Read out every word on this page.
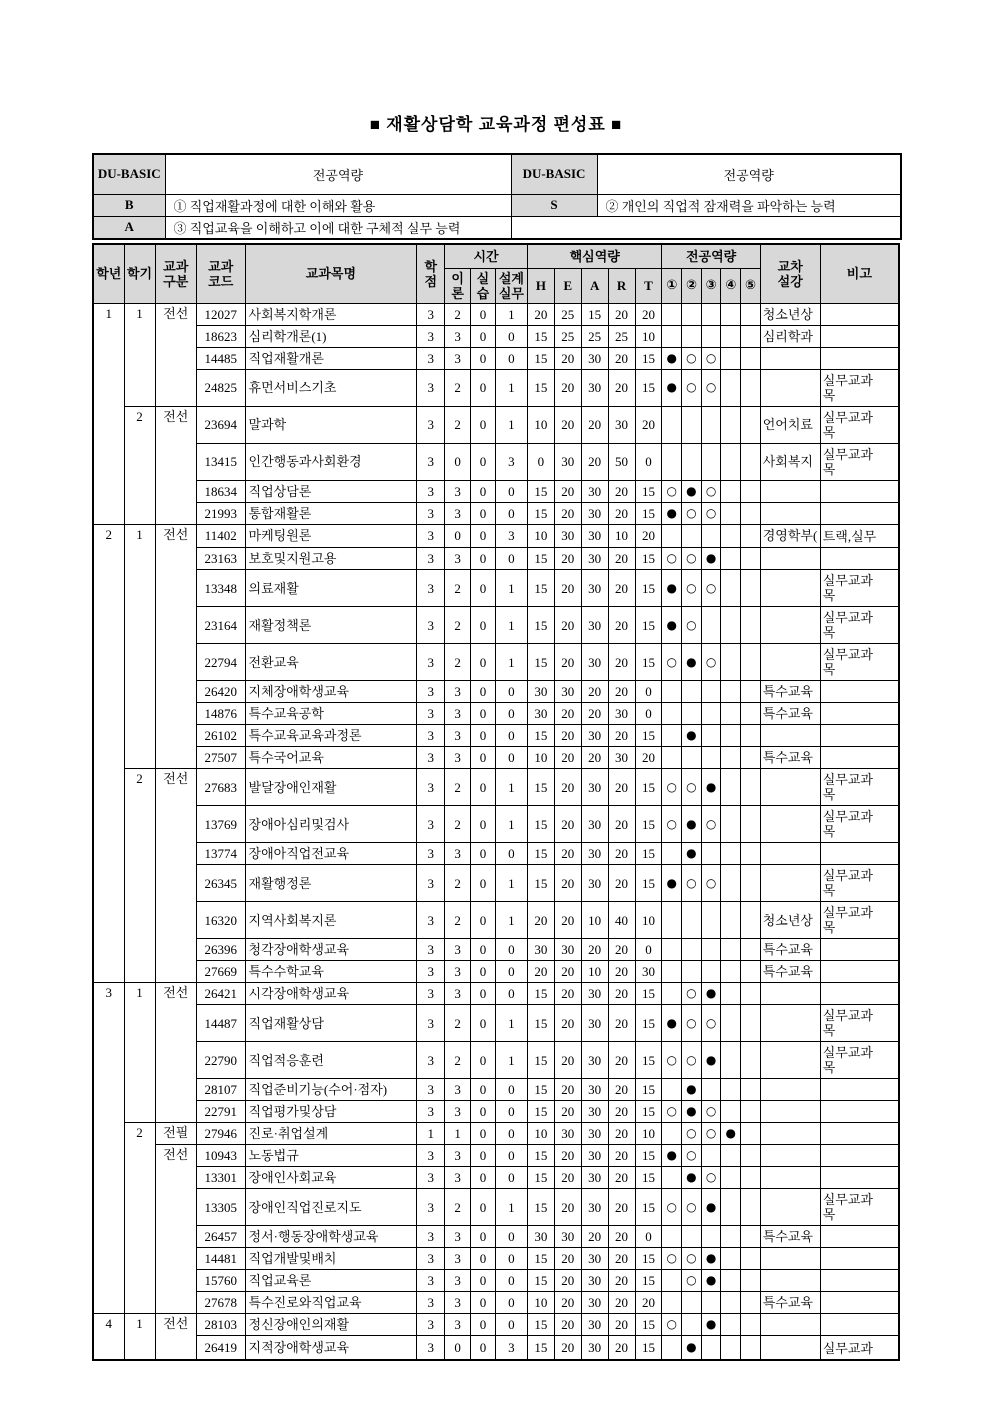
■ 재활상담학 교육과정 편성표 ■
DU-BASIC	전공역량	DU-BASIC	전공역량
B	① 직업재활과정에 대한 이해와 활용	S	② 개인의 직업적 잠재력을 파악하는 능력
A	③ 직업교육을 이해하고 이에 대한 구체적 실무 능력		
학년	학기	교과구분	교과코드	교과목명	학점	시간			핵심역량					전공역량					교차설강	비고
						이론	실습	설계실무	H	E	A	R	T	①	②	③	④	⑤		
1	1	전선	12027	사회복지학개론	3	2	0	1	20	25	15	20	20						청소년상	
			18623	심리학개론(1)	3	3	0	0	15	25	25	25	10						심리학과	
			14485	직업재활개론	3	3	0	0	15	20	30	20	15	●	○	○				
			24825	휴먼서비스기초	3	2	0	1	15	20	30	20	15	●	○	○				실무교과목
	2	전선	23694	말과학	3	2	0	1	10	20	20	30	20						언어치료	실무교과목
			13415	인간행동과사회환경	3	0	0	3	0	30	20	50	0						사회복지	실무교과목
			18634	직업상담론	3	3	0	0	15	20	30	20	15	○	●	○				
			21993	통합재활론	3	3	0	0	15	20	30	20	15	●	○	○				
2	1	전선	11402	마케팅원론	3	0	0	3	10	30	30	10	20						경영학부(	트랙,실무
			23163	보호및지원고용	3	3	0	0	15	20	30	20	15	○	○	●				
			13348	의료재활	3	2	0	1	15	20	30	20	15	●	○	○				실무교과목
			23164	재활정책론	3	2	0	1	15	20	30	20	15	●	○					실무교과목
			22794	전환교육	3	2	0	1	15	20	30	20	15	○	●	○				실무교과목
			26420	지체장애학생교육	3	3	0	0	30	30	20	20	0						특수교육	
			14876	특수교육공학	3	3	0	0	30	20	20	30	0						특수교육	
			26102	특수교육교육과정론	3	3	0	0	15	20	30	20	15		●					
			27507	특수국어교육	3	3	0	0	10	20	20	30	20						특수교육	
	2	전선	27683	발달장애인재활	3	2	0	1	15	20	30	20	15	○	○	●				실무교과목
			13769	장애아심리및검사	3	2	0	1	15	20	30	20	15	○	●	○				실무교과목
			13774	장애아직업전교육	3	3	0	0	15	20	30	20	15		●					
			26345	재활행정론	3	2	0	1	15	20	30	20	15	●	○	○				실무교과목
			16320	지역사회복지론	3	2	0	1	20	20	10	40	10						청소년상	실무교과목
			26396	청각장애학생교육	3	3	0	0	30	30	20	20	0						특수교육	
			27669	특수수학교육	3	3	0	0	20	20	10	20	30						특수교육	
3	1	전선	26421	시각장애학생교육	3	3	0	0	15	20	30	20	15		○	●				
			14487	직업재활상담	3	2	0	1	15	20	30	20	15	●	○	○				실무교과목
			22790	직업적응훈련	3	2	0	1	15	20	30	20	15	○	○	●				실무교과목
			28107	직업준비기능(수어·점자)	3	3	0	0	15	20	30	20	15		●					
			22791	직업평가및상담	3	3	0	0	15	20	30	20	15	○	●	○				
	2	전필	27946	진로·취업설계	1	1	0	0	10	30	30	20	10		○	○	●			
		전선	10943	노동법규	3	3	0	0	15	20	30	20	15	●	○					
			13301	장애인사회교육	3	3	0	0	15	20	30	20	15		●	○				
			13305	장애인직업진로지도	3	2	0	1	15	20	30	20	15	○	○	●				실무교과목
			26457	정서·행동장애학생교육	3	3	0	0	30	30	20	20	0						특수교육	
			14481	직업개발및배치	3	3	0	0	15	20	30	20	15	○	○	●				
			15760	직업교육론	3	3	0	0	15	20	30	20	15		○	●				
			27678	특수진로와직업교육	3	3	0	0	10	20	30	20	20						특수교육	
4	1	전선	28103	정신장애인의재활	3	3	0	0	15	20	30	20	15	○		●				
			26419	지적장애학생교육	3	0	0	3	15	20	30	20	15		●					실무교과
